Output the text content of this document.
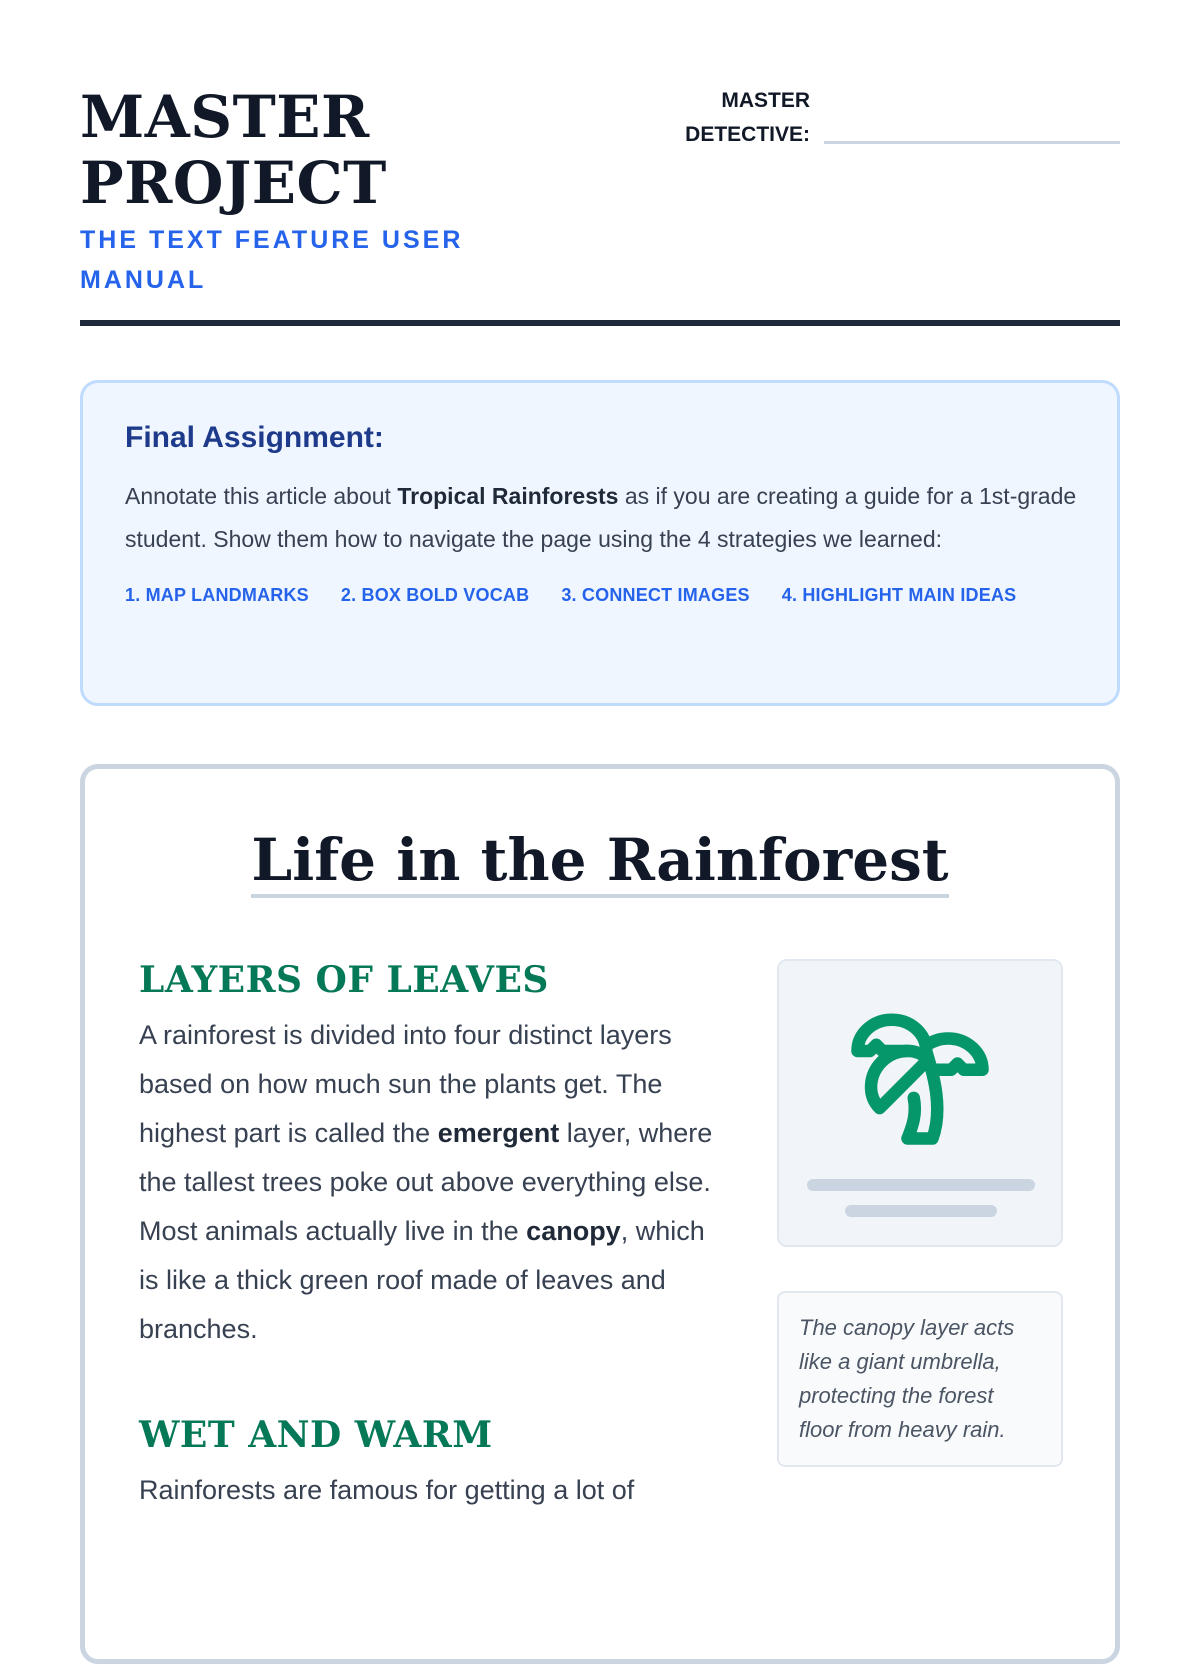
MASTER
PROJECT
THE TEXT FEATURE USER MANUAL
MASTER
DETECTIVE:
Final Assignment:

Annotate this article about Tropical Rainforests as if you are creating a guide for a 1st-grade student. Show them how to navigate the page using the 4 strategies we learned:

1. MAP LANDMARKS 2. BOX BOLD VOCAB 3. CONNECT IMAGES 4. HIGHLIGHT MAIN IDEAS
Life in the Rainforest
LAYERS OF LEAVES

A rainforest is divided into four distinct layers based on how much sun the plants get. The highest part is called the emergent layer, where the tallest trees poke out above everything else. Most animals actually live in the canopy, which is like a thick green roof made of leaves and branches.

WET AND WARM

Rainforests are famous for getting a lot of

The canopy layer acts like a giant umbrella, protecting the forest floor from heavy rain.
